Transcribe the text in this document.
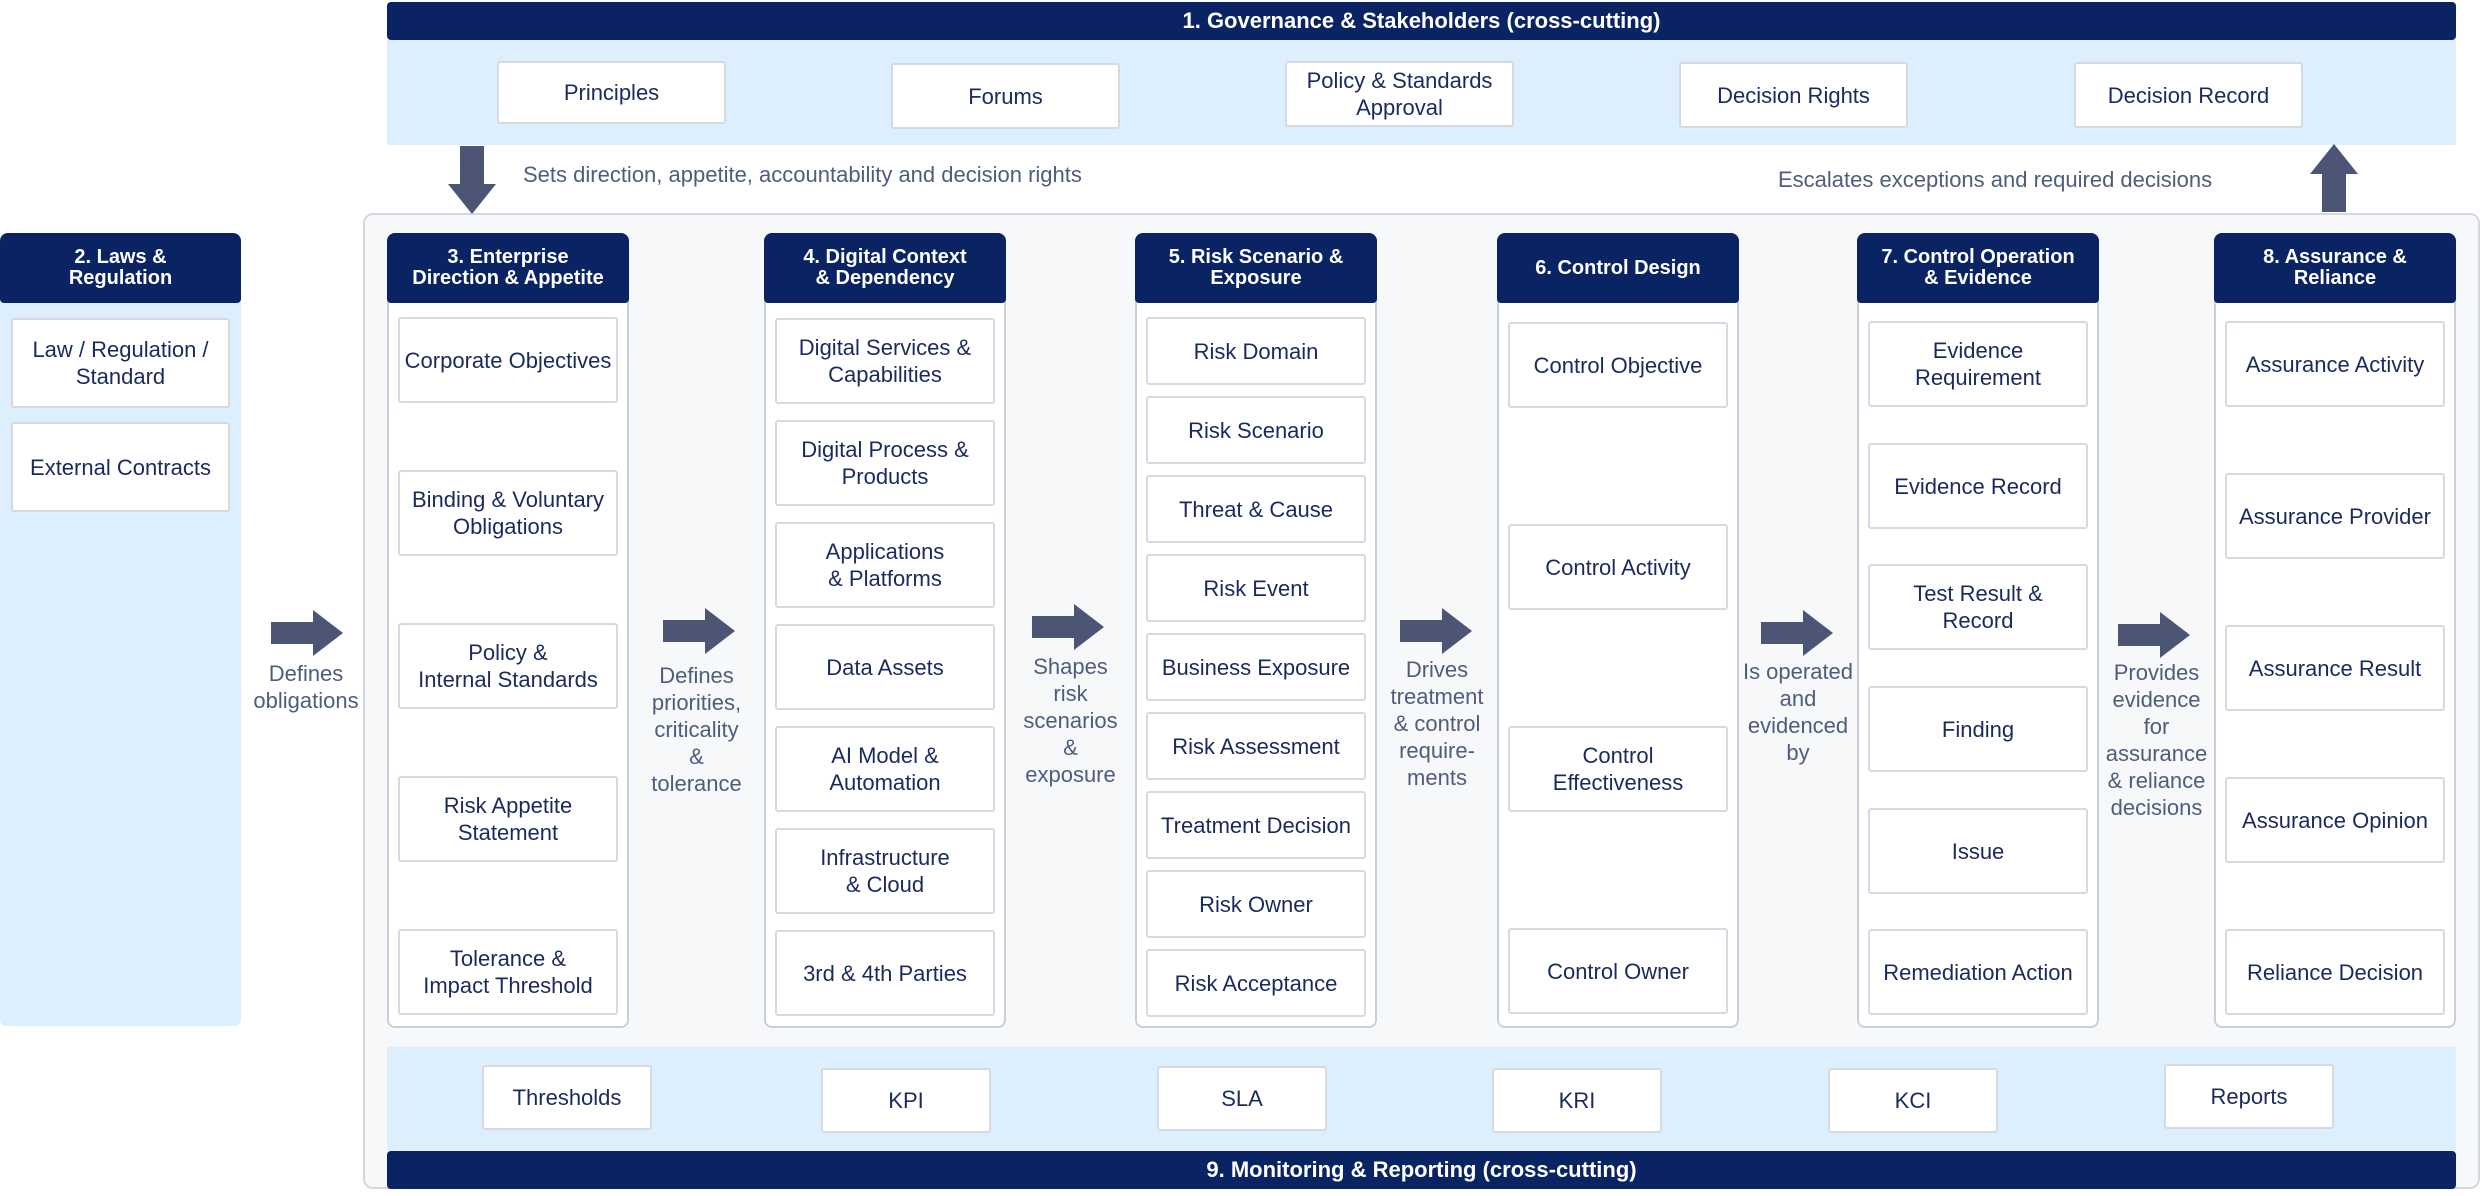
1. Governance & Stakeholders (cross-cutting)
Principles	Forums
Policy & Standards
Approval	Decision Rights	Decision Record
Sets direction, appetite, accountability and decision rights	Escalates exceptions and required decisions
2. Laws &
Regulation
Law / Regulation /
Standard
External Contracts
3. Enterprise
Direction & Appetite
Corporate Objectives
Binding & Voluntary
Obligations
Policy &
Internal Standards
Risk Appetite
Statement
Tolerance &
Impact Threshold
4. Digital Context
& Dependency
Digital Services &
Capabilities
Digital Process &
Products
Applications
& Platforms
Data Assets
AI Model &
Automation
Infrastructure
& Cloud
3rd & 4th Parties
5. Risk Scenario &
Exposure
Risk Domain
Risk Scenario
Threat & Cause
Risk Event
Business Exposure
Risk Assessment
Treatment Decision
Risk Owner
Risk Acceptance
6. Control Design
Control Objective
Control Activity
Control
Effectiveness
Control Owner
7. Control Operation
& Evidence
Evidence
Requirement
Evidence Record
Test Result &
Record
Finding
Issue
Remediation Action
8. Assurance &
Reliance
Assurance Activity
Assurance Provider
Assurance Result
Assurance Opinion
Reliance Decision
Defines
obligations
Defines
priorities,
criticality
&
tolerance
Shapes
risk
scenarios
&
exposure
Drives
treatment
& control
require-
ments
Is operated
and
evidenced
by
Provides
evidence
for
assurance
& reliance
decisions
Thresholds	KPI	SLA	KRI	KCI	Reports
9. Monitoring & Reporting (cross-cutting)
